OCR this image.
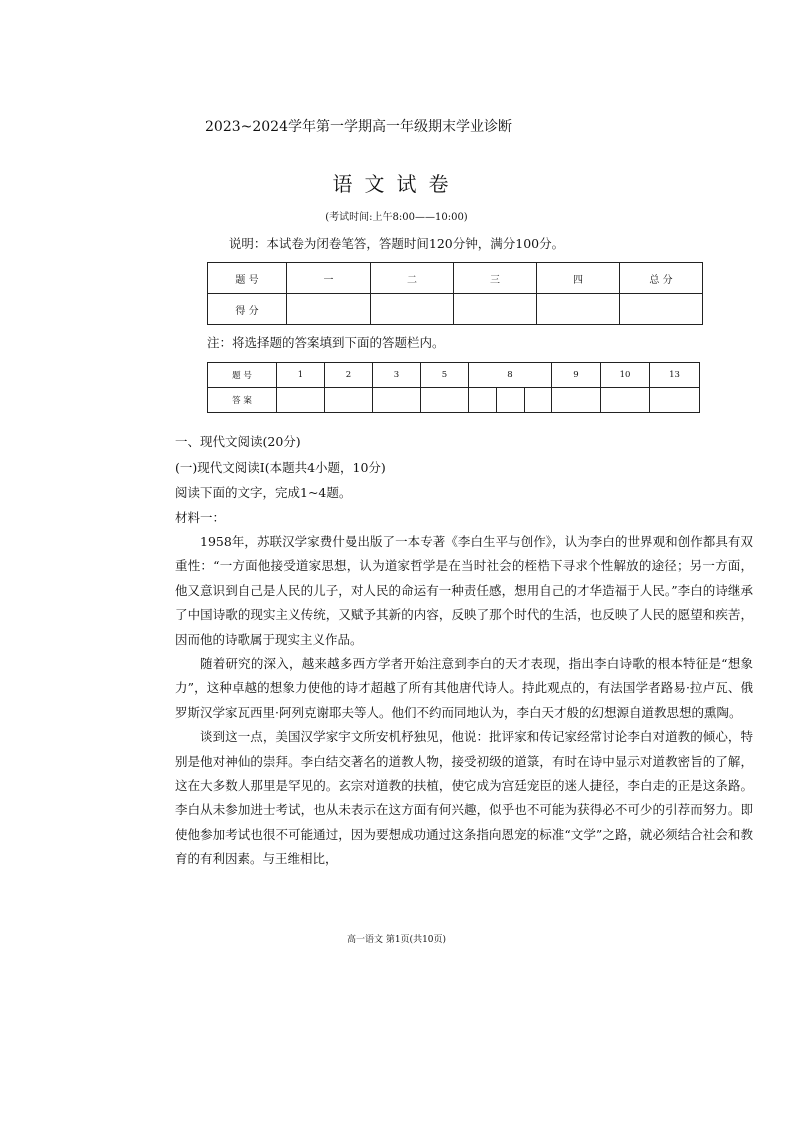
2023~2024学年第一学期高一年级期末学业诊断
语文试卷
(考试时间:上午8:00——10:00)
说明：本试卷为闭卷笔答，答题时间120分钟，满分100分。
题 号	一	二	三	四	总 分
得 分					
注：将选择题的答案填到下面的答题栏内。
题 号	1	2	3	5	8			9	10	13
答 案										
一、现代文阅读(20分)
(一)现代文阅读Ⅰ(本题共4小题，10分)
阅读下面的文字，完成1~4题。
材料一：

1958年，苏联汉学家费什曼出版了一本专著《李白生平与创作》，认为李白的世界观和创作都具有双重性：“一方面他接受道家思想，认为道家哲学是在当时社会的桎梏下寻求个性解放的途径；另一方面，他又意识到自己是人民的儿子，对人民的命运有一种责任感，想用自己的才华造福于人民。”李白的诗继承了中国诗歌的现实主义传统，又赋予其新的内容，反映了那个时代的生活，也反映了人民的愿望和疾苦，因而他的诗歌属于现实主义作品。

随着研究的深入，越来越多西方学者开始注意到李白的天才表现，指出李白诗歌的根本特征是“想象力”，这种卓越的想象力使他的诗才超越了所有其他唐代诗人。持此观点的，有法国学者路易·拉卢瓦、俄罗斯汉学家瓦西里·阿列克谢耶夫等人。他们不约而同地认为，李白天才般的幻想源自道教思想的熏陶。

谈到这一点，美国汉学家宇文所安机杼独见，他说：批评家和传记家经常讨论李白对道教的倾心，特别是他对神仙的崇拜。李白结交著名的道教人物，接受初级的道箓，有时在诗中显示对道教密旨的了解，这在大多数人那里是罕见的。玄宗对道教的扶植，使它成为宫廷宠臣的迷人捷径，李白走的正是这条路。李白从未参加进士考试，也从未表示在这方面有何兴趣，似乎也不可能为获得必不可少的引荐而努力。即使他参加考试也很不可能通过，因为要想成功通过这条指向恩宠的标准“文学”之路，就必须结合社会和教育的有利因素。与王维相比，

高一语文 第1页(共10页)
